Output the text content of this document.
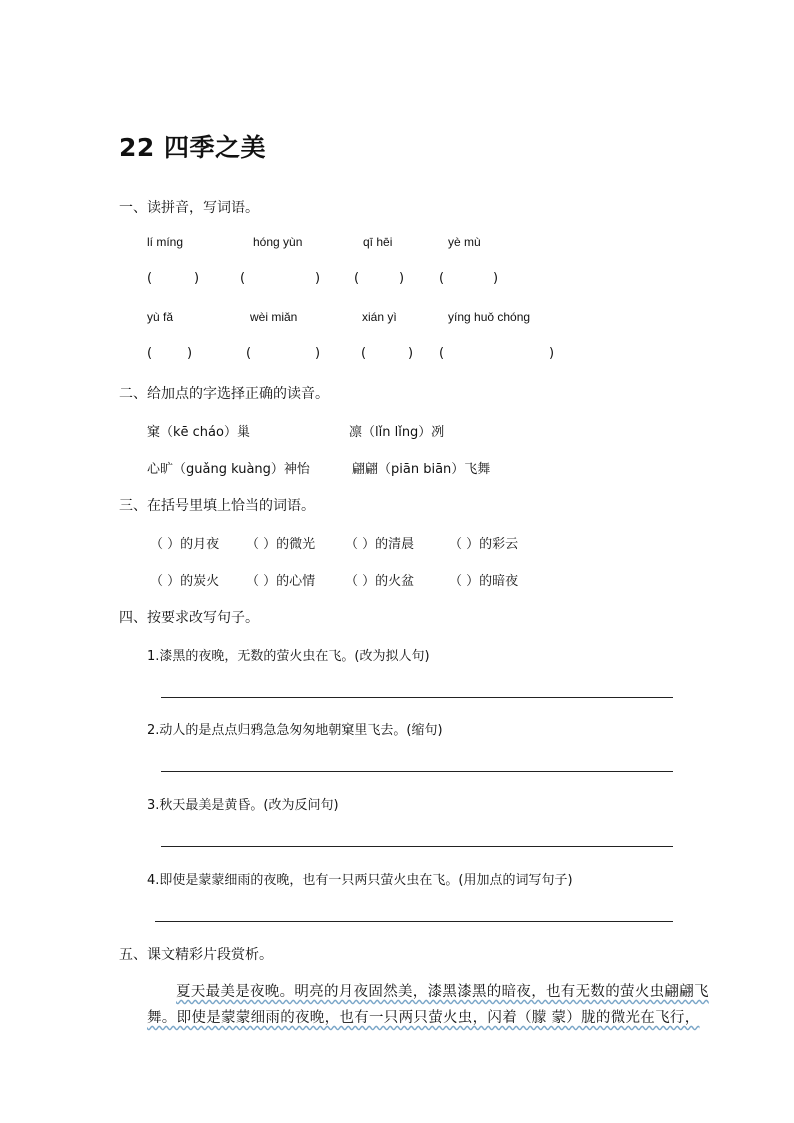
22 四季之美
一、读拼音，写词语。
lí míng	hóng yùn	qī hēi	yè mù
(	)	(	)	(	)	(	)
yù fǎ	wèi miǎn	xián yì	yíng huǒ chóng
(	)	(	)	(	) (	)
二、给加点的字选择正确的读音。
窠（kē cháo）巢	凛（lǐn lǐng）冽
心旷（guǎng kuàng）神怡	翩翩（piān biān）飞舞
三、在括号里填上恰当的词语。
（ ）的月夜 （ ）的微光 （ ）的清晨	（ ）的彩云
（ ）的炭火 （ ）的心情 （ ）的火盆	（ ）的暗夜
四、按要求改写句子。
1.漆黑的夜晚，无数的萤火虫在飞。(改为拟人句)
2.动人的是点点归鸦急急匆匆地朝窠里飞去。(缩句)
3.秋天最美是黄昏。(改为反问句)
4.即使是蒙蒙细雨的夜晚，也有一只两只萤火虫在飞。(用加点的词写句子)
五、课文精彩片段赏析。
夏天最美是夜晚。明亮的月夜固然美，漆黑漆黑的暗夜，也有无数的萤火虫翩翩飞
舞。即使是蒙蒙细雨的夜晚，也有一只两只萤火虫，闪着（朦 蒙）胧的微光在飞行，
